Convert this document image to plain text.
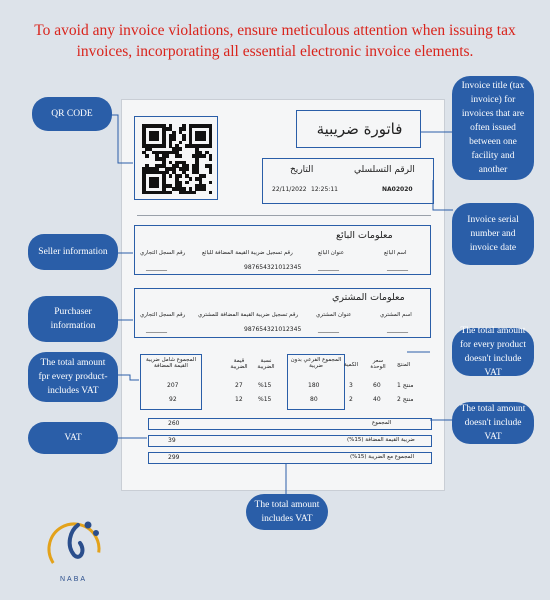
To avoid any invoice violations, ensure meticulous attention when issuing tax invoices, incorporating all essential electronic invoice elements.
فاتورة ضريبية
الرقم التسلسلي
التاريخ
NA02020
12:25:11
22/11/2022
معلومات البائع
اسم البائع
عنوان البائع
رقم تسجيل ضريبة القيمة المضافة للبائع
رقم السجل التجاري
987654321012345	_______
_______
_______
معلومات المشتري
اسم المشتري
عنوان المشتري
رقم تسجيل ضريبة القيمة المضافة للمشتري
رقم السجل التجاري
987654321012345	_______
_______
_______
المنتج
سعر الوحدة
الكمية
المجموع الفرعي بدون ضريبة
نسبة الضريبة
قيمة الضريبة
المجموع شامل ضريبة القيمة المضافة
منتج 1
60
3
180
%15
27
207
منتج 2
40
2
80
%15
12
92
المجموع
260
ضريبة القيمة المضافة (15%)
39
المجموع مع الضريبة (15%)
299
QR CODE
Invoice title (tax invoice) for invoices that are often issued between one facility and another
Invoice serial number and invoice date
Seller information
Purchaser information
The total amount fpr every product-includes VAT
The total amount for every product doesn't include VAT
The total amount doesn't include VAT
VAT
The total amount includes VAT
NABA
